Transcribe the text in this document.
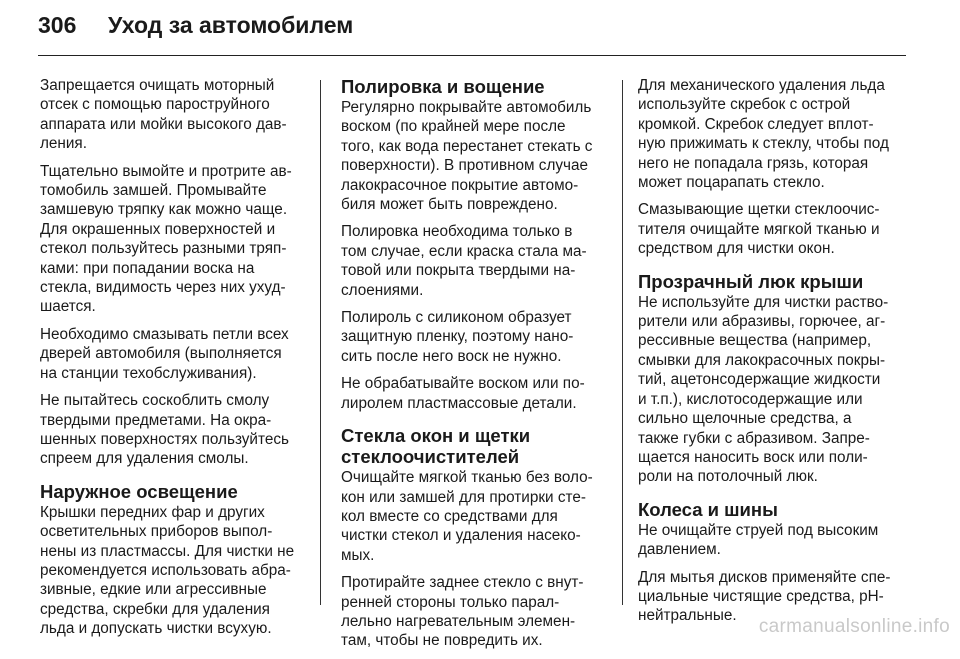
306	Уход за автомобилем

Запрещается очищать моторный
отсек с помощью пароструйного
аппарата или мойки высокого дав-
ления.

Тщательно вымойте и протрите ав-
томобиль замшей. Промывайте
замшевую тряпку как можно чаще.
Для окрашенных поверхностей и
стекол пользуйтесь разными тряп-
ками: при попадании воска на
стекла, видимость через них ухуд-
шается.

Необходимо смазывать петли всех
дверей автомобиля (выполняется
на станции техобслуживания).

Не пытайтесь соскоблить смолу
твердыми предметами. На окра-
шенных поверхностях пользуйтесь
спреем для удаления смолы.

Наружное освещение

Крышки передних фар и других
осветительных приборов выпол-
нены из пластмассы. Для чистки не
рекомендуется использовать абра-
зивные, едкие или агрессивные
средства, скребки для удаления
льда и допускать чистки всухую.

Полировка и вощение

Регулярно покрывайте автомобиль
воском (по крайней мере после
того, как вода перестанет стекать с
поверхности). В противном случае
лакокрасочное покрытие автомо-
биля может быть повреждено.

Полировка необходима только в
том случае, если краска стала ма-
товой или покрыта твердыми на-
слоениями.

Полироль с силиконом образует
защитную пленку, поэтому нано-
сить после него воск не нужно.

Не обрабатывайте воском или по-
лиролем пластмассовые детали.

Стекла окон и щетки
стеклоочистителей

Очищайте мягкой тканью без воло-
кон или замшей для протирки сте-
кол вместе со средствами для
чистки стекол и удаления насеко-
мых.

Протирайте заднее стекло с внут-
ренней стороны только парал-
лельно нагревательным элемен-
там, чтобы не повредить их.

Для механического удаления льда
используйте скребок с острой
кромкой. Скребок следует вплот-
ную прижимать к стеклу, чтобы под
него не попадала грязь, которая
может поцарапать стекло.

Смазывающие щетки стеклоочис-
тителя очищайте мягкой тканью и
средством для чистки окон.

Прозрачный люк крыши

Не используйте для чистки раство-
рители или абразивы, горючее, аг-
рессивные вещества (например,
смывки для лакокрасочных покры-
тий, ацетонсодержащие жидкости
и т.п.), кислотосодержащие или
сильно щелочные средства, а
также губки с абразивом. Запре-
щается наносить воск или поли-
роли на потолочный люк.

Колеса и шины

Не очищайте струей под высоким
давлением.

Для мытья дисков применяйте спе-
циальные чистящие средства, pH-
нейтральные.

carmanualsonline.info
